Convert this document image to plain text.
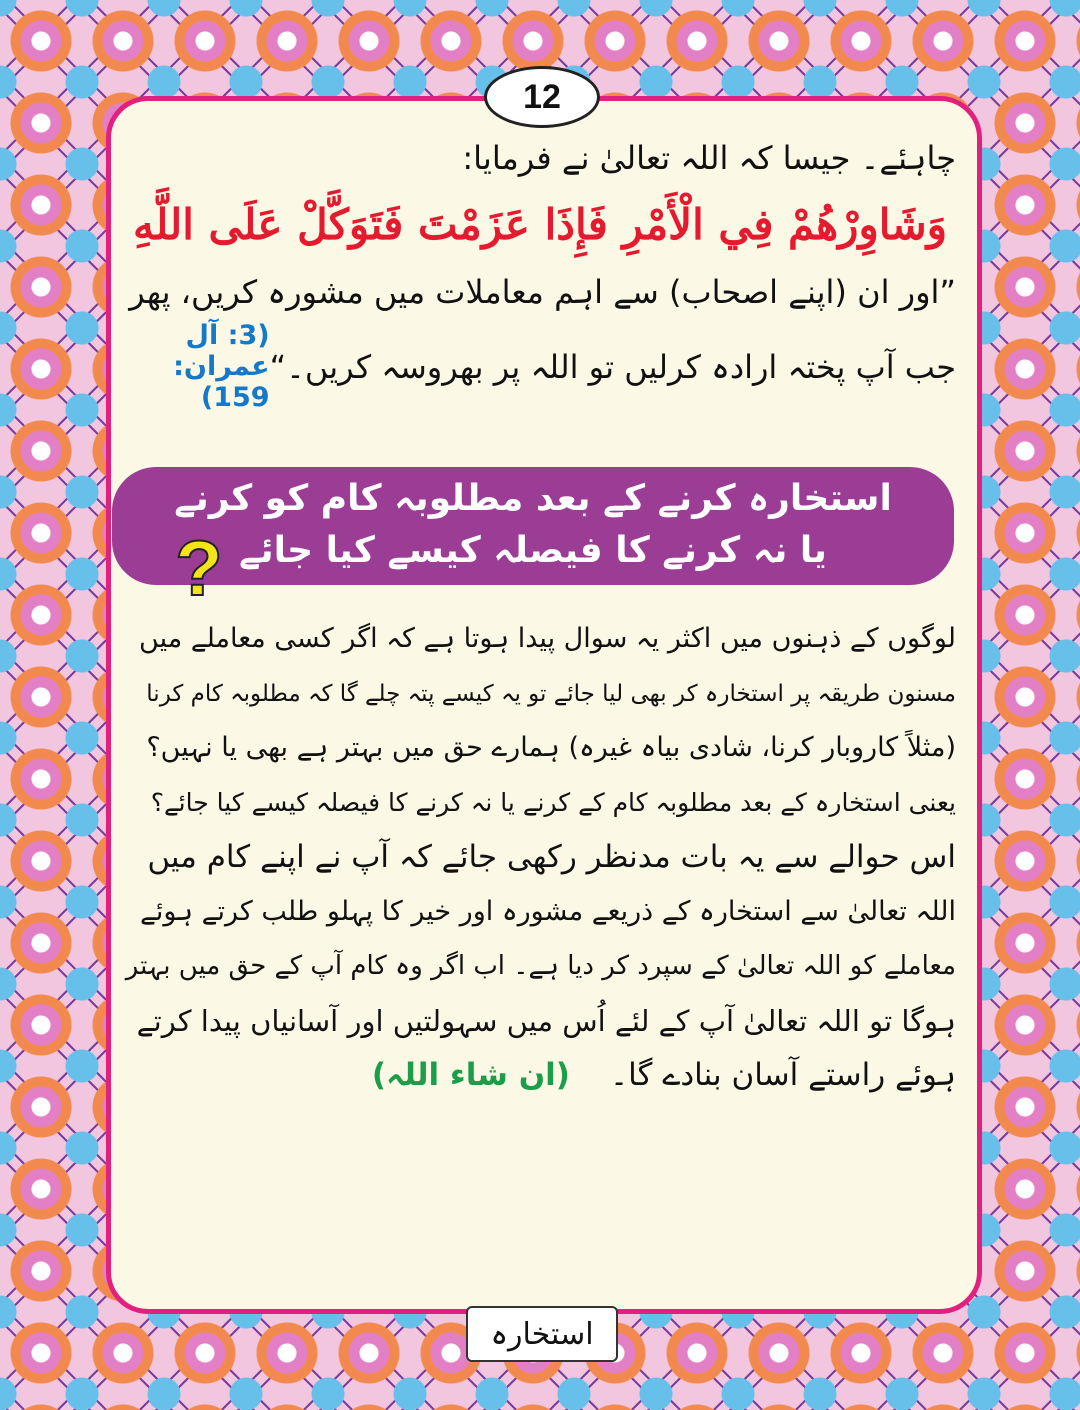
12
چاہئے۔ جیسا کہ اللہ تعالیٰ نے فرمایا:
وَشَاوِرْهُمْ فِي الْأَمْرِ فَإِذَا عَزَمْتَ فَتَوَكَّلْ عَلَى اللَّهِ
”اور ان (اپنے اصحاب) سے اہم معاملات میں مشورہ کریں، پھر
جب آپ پختہ ارادہ کرلیں تو اللہ پر بھروسہ کریں۔“
(3: آل عمران: 159)
استخارہ کرنے کے بعد مطلوبہ کام کو کرنے
یا نہ کرنے کا فیصلہ کیسے کیا جائے
?
لوگوں کے ذہنوں میں اکثر یہ سوال پیدا ہوتا ہے کہ اگر کسی معاملے میں
مسنون طریقہ پر استخارہ کر بھی لیا جائے تو یہ کیسے پتہ چلے گا کہ مطلوبہ کام کرنا
(مثلاً کاروبار کرنا، شادی بیاہ غیرہ) ہمارے حق میں بہتر ہے بھی یا نہیں؟
یعنی استخارہ کے بعد مطلوبہ کام کے کرنے یا نہ کرنے کا فیصلہ کیسے کیا جائے؟
اس حوالے سے یہ بات مدنظر رکھی جائے کہ آپ نے اپنے کام میں
اللہ تعالیٰ سے استخارہ کے ذریعے مشورہ اور خیر کا پہلو طلب کرتے ہوئے
معاملے کو اللہ تعالیٰ کے سپرد کر دیا ہے۔ اب اگر وہ کام آپ کے حق میں بہتر
ہوگا تو اللہ تعالیٰ آپ کے لئے اُس میں سہولتیں اور آسانیاں پیدا کرتے
ہوئے راستے آسان بنادے گا۔
(ان شاء اللہ)
استخارہ
